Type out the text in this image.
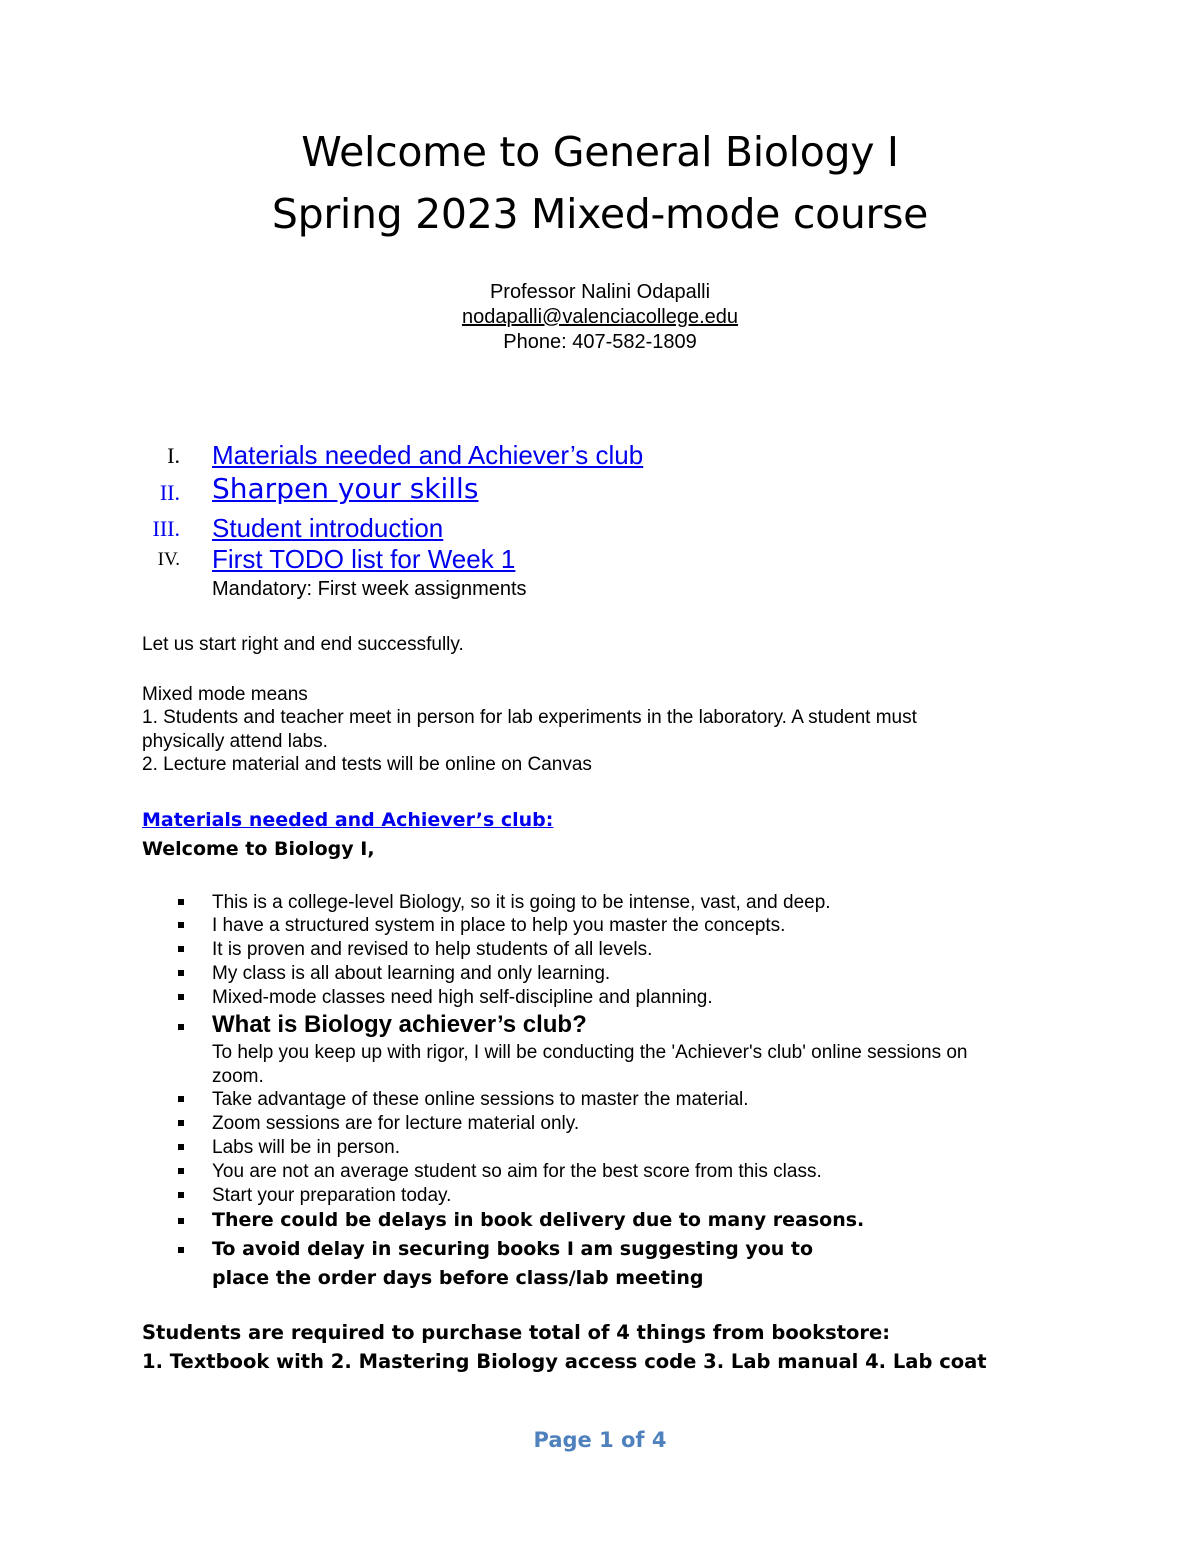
Welcome to General Biology I
Spring 2023 Mixed-mode course
Professor Nalini Odapalli
nodapalli@valenciacollege.edu
Phone: 407-582-1809
I. Materials needed and Achiever’s club
II. Sharpen your skills
III. Student introduction
IV. First TODO list for Week 1
Mandatory: First week assignments
Let us start right and end successfully.
Mixed mode means
1. Students and teacher meet in person for lab experiments in the laboratory. A student must
physically attend labs.
2. Lecture material and tests will be online on Canvas
Materials needed and Achiever’s club:
Welcome to Biology I,
This is a college-level Biology, so it is going to be intense, vast, and deep.
I have a structured system in place to help you master the concepts.
It is proven and revised to help students of all levels.
My class is all about learning and only learning.
Mixed-mode classes need high self-discipline and planning.
What is Biology achiever’s club?
To help you keep up with rigor, I will be conducting the 'Achiever's club' online sessions on
zoom.
Take advantage of these online sessions to master the material.
Zoom sessions are for lecture material only.
Labs will be in person.
You are not an average student so aim for the best score from this class.
Start your preparation today.
There could be delays in book delivery due to many reasons.
To avoid delay in securing books I am suggesting you to
place the order days before class/lab meeting
Students are required to purchase total of 4 things from bookstore:
1. Textbook with 2. Mastering Biology access code 3. Lab manual 4. Lab coat
Page 1 of 4
